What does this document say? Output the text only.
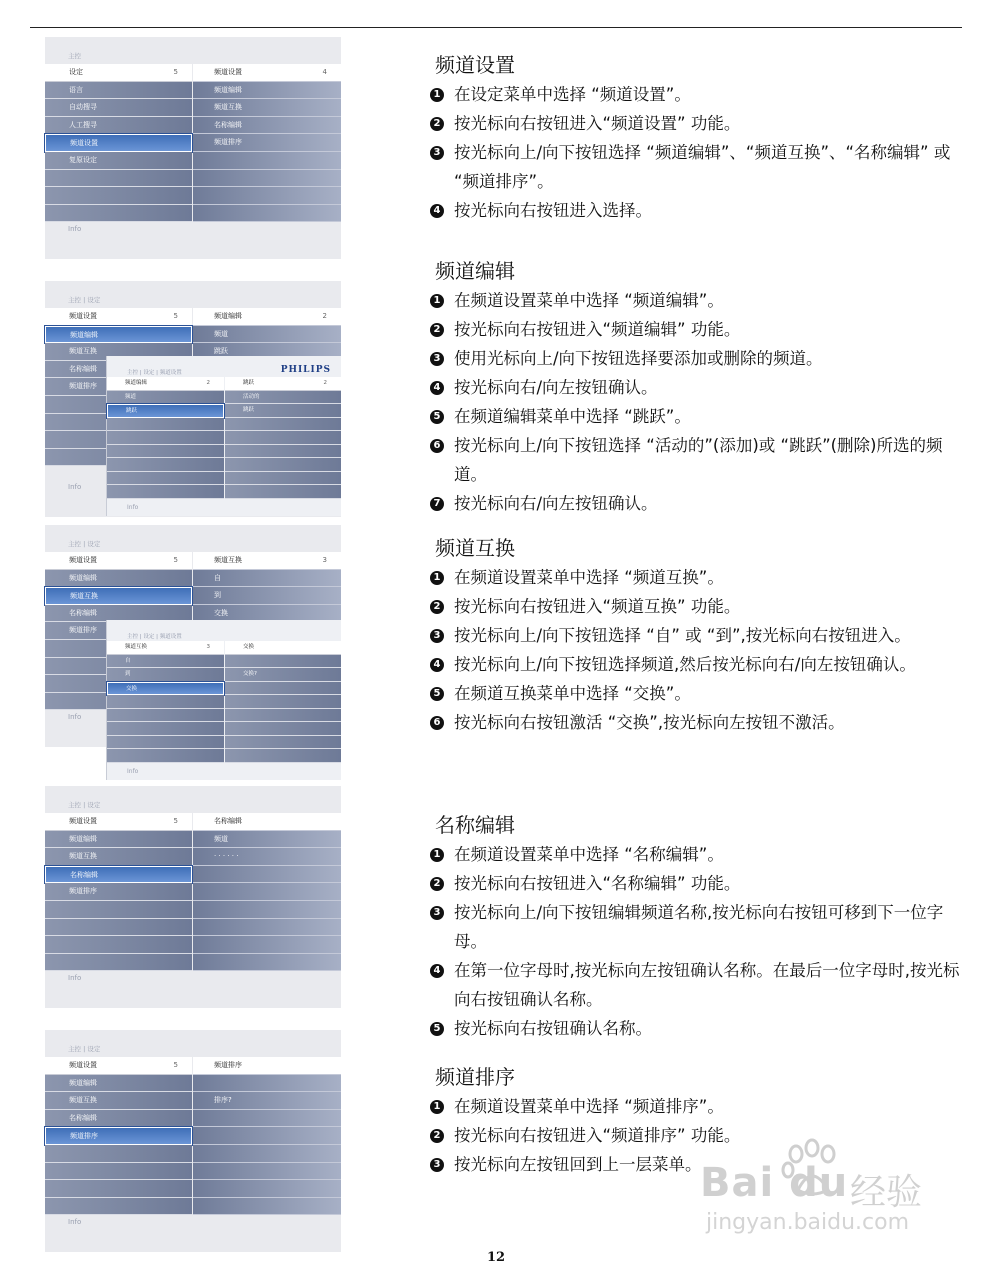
主控
设定	5
语言
自动搜寻
人工搜寻
频道设置
复原设定
频道设置	4
频道编辑
频道互换
名称编辑
频道排序
Info
主控 | 设定
频道设置	5
频道编辑
频道互换
名称编辑
频道排序
频道编辑	2
频道
跳跃
Info
主控 | 设定 | 频道设置	PHILIPS
频道编辑	2
频道
跳跃
跳跃	2
活动的
跳跃
Info
主控 | 设定
频道设置	5
频道编辑
频道互换
名称编辑
频道排序
频道互换	3
自
到
交换
Info
主控 | 设定 | 频道设置
频道互换	3
自
到
交换
交换
交换?
Info
主控 | 设定
频道设置	5
频道编辑
频道互换
名称编辑
频道排序
名称编辑
频道
· · · · · ·
Info
主控 | 设定
频道设置	5
频道编辑
频道互换
名称编辑
频道排序
频道排序
排序?
Info
频道设置
1 在设定菜单中选择 “频道设置”。
2 按光标向右按钮进入“频道设置” 功能。
3 按光标向上/向下按钮选择 “频道编辑”、“频道互换”、“名称编辑” 或 “频道排序”。
4 按光标向右按钮进入选择。
频道编辑
1 在频道设置菜单中选择 “频道编辑”。
2 按光标向右按钮进入“频道编辑” 功能。
3 使用光标向上/向下按钮选择要添加或删除的频道。
4 按光标向右/向左按钮确认。
5 在频道编辑菜单中选择 “跳跃”。
6 按光标向上/向下按钮选择 “活动的”(添加)或 “跳跃”(删除)所选的频道。
7 按光标向右/向左按钮确认。
频道互换
1 在频道设置菜单中选择 “频道互换”。
2 按光标向右按钮进入“频道互换” 功能。
3 按光标向上/向下按钮选择 “自” 或 “到”,按光标向右按钮进入。
4 按光标向上/向下按钮选择频道,然后按光标向右/向左按钮确认。
5 在频道互换菜单中选择 “交换”。
6 按光标向右按钮激活 “交换”,按光标向左按钮不激活。
名称编辑
1 在频道设置菜单中选择 “名称编辑”。
2 按光标向右按钮进入“名称编辑” 功能。
3 按光标向上/向下按钮编辑频道名称,按光标向右按钮可移到下一位字母。
4 在第一位字母时,按光标向左按钮确认名称。在最后一位字母时,按光标向右按钮确认名称。
5 按光标向右按钮确认名称。
频道排序
1 在频道设置菜单中选择 “频道排序”。
2 按光标向右按钮进入“频道排序” 功能。
3 按光标向左按钮回到上一层菜单。
12
Bai du 经验
jingyan.baidu.com
